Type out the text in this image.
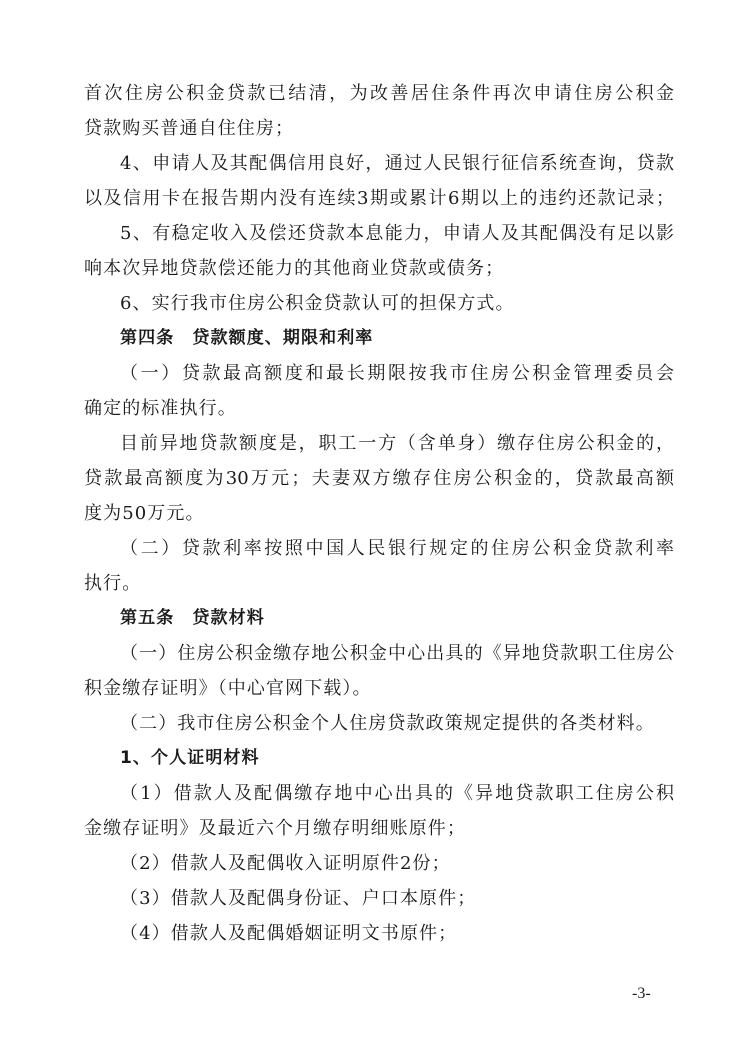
首次住房公积金贷款已结清，为改善居住条件再次申请住房公积金
贷款购买普通自住住房；
4、申请人及其配偶信用良好，通过人民银行征信系统查询，贷款
以及信用卡在报告期内没有连续3期或累计6期以上的违约还款记录；
5、有稳定收入及偿还贷款本息能力，申请人及其配偶没有足以影
响本次异地贷款偿还能力的其他商业贷款或债务；
6、实行我市住房公积金贷款认可的担保方式。
第四条　贷款额度、期限和利率
（一）贷款最高额度和最长期限按我市住房公积金管理委员会
确定的标准执行。
目前异地贷款额度是，职工一方（含单身）缴存住房公积金的，
贷款最高额度为30万元；夫妻双方缴存住房公积金的，贷款最高额
度为50万元。
（二）贷款利率按照中国人民银行规定的住房公积金贷款利率
执行。
第五条　贷款材料
（一）住房公积金缴存地公积金中心出具的《异地贷款职工住房公
积金缴存证明》（中心官网下载）。
（二）我市住房公积金个人住房贷款政策规定提供的各类材料。
1、个人证明材料
（1）借款人及配偶缴存地中心出具的《异地贷款职工住房公积
金缴存证明》及最近六个月缴存明细账原件；
（2）借款人及配偶收入证明原件2份；
（3）借款人及配偶身份证、户口本原件；
（4）借款人及配偶婚姻证明文书原件；
-3-
